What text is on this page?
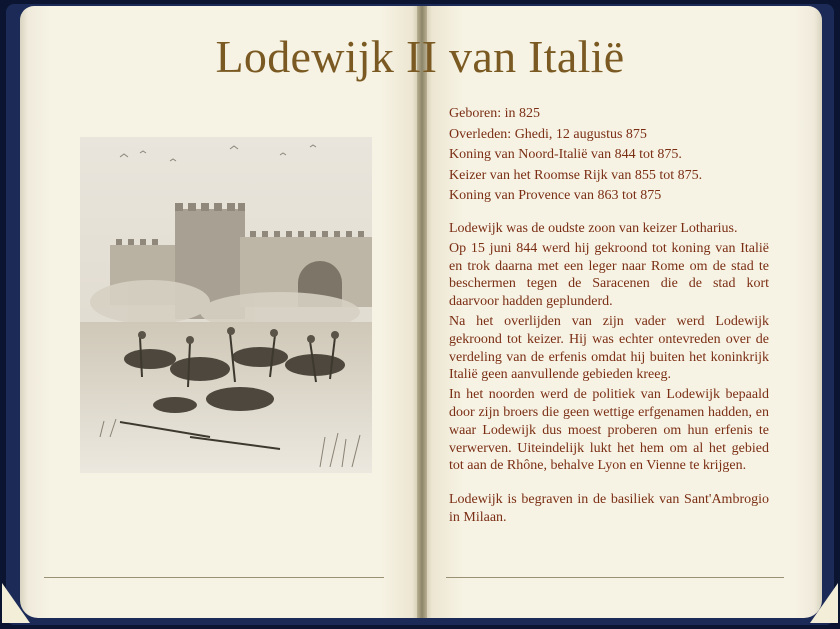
Lodewijk II van Italië
Geboren: in 825
Overleden: Ghedi, 12 augustus 875
Koning van Noord-Italië van 844 tot 875.
Keizer van het Roomse Rijk van 855 tot 875.
Koning van Provence van 863 tot 875

Lodewijk was de oudste zoon van keizer Lotharius.

Op 15 juni 844 werd hij gekroond tot koning van Italië en trok daarna met een leger naar Rome om de stad te beschermen tegen de Saracenen die de stad kort daarvoor hadden geplunderd.

Na het overlijden van zijn vader werd Lodewijk gekroond tot keizer. Hij was echter ontevreden over de verdeling van de erfenis omdat hij buiten het koninkrijk Italië geen aanvullende gebieden kreeg.

In het noorden werd de politiek van Lodewijk bepaald door zijn broers die geen wettige erfgenamen hadden, en waar Lodewijk dus moest proberen om hun erfenis te verwerven. Uiteindelijk lukt het hem om al het gebied tot aan de Rhône, behalve Lyon en Vienne te krijgen.

Lodewijk is begraven in de basiliek van Sant'Ambrogio in Milaan.
